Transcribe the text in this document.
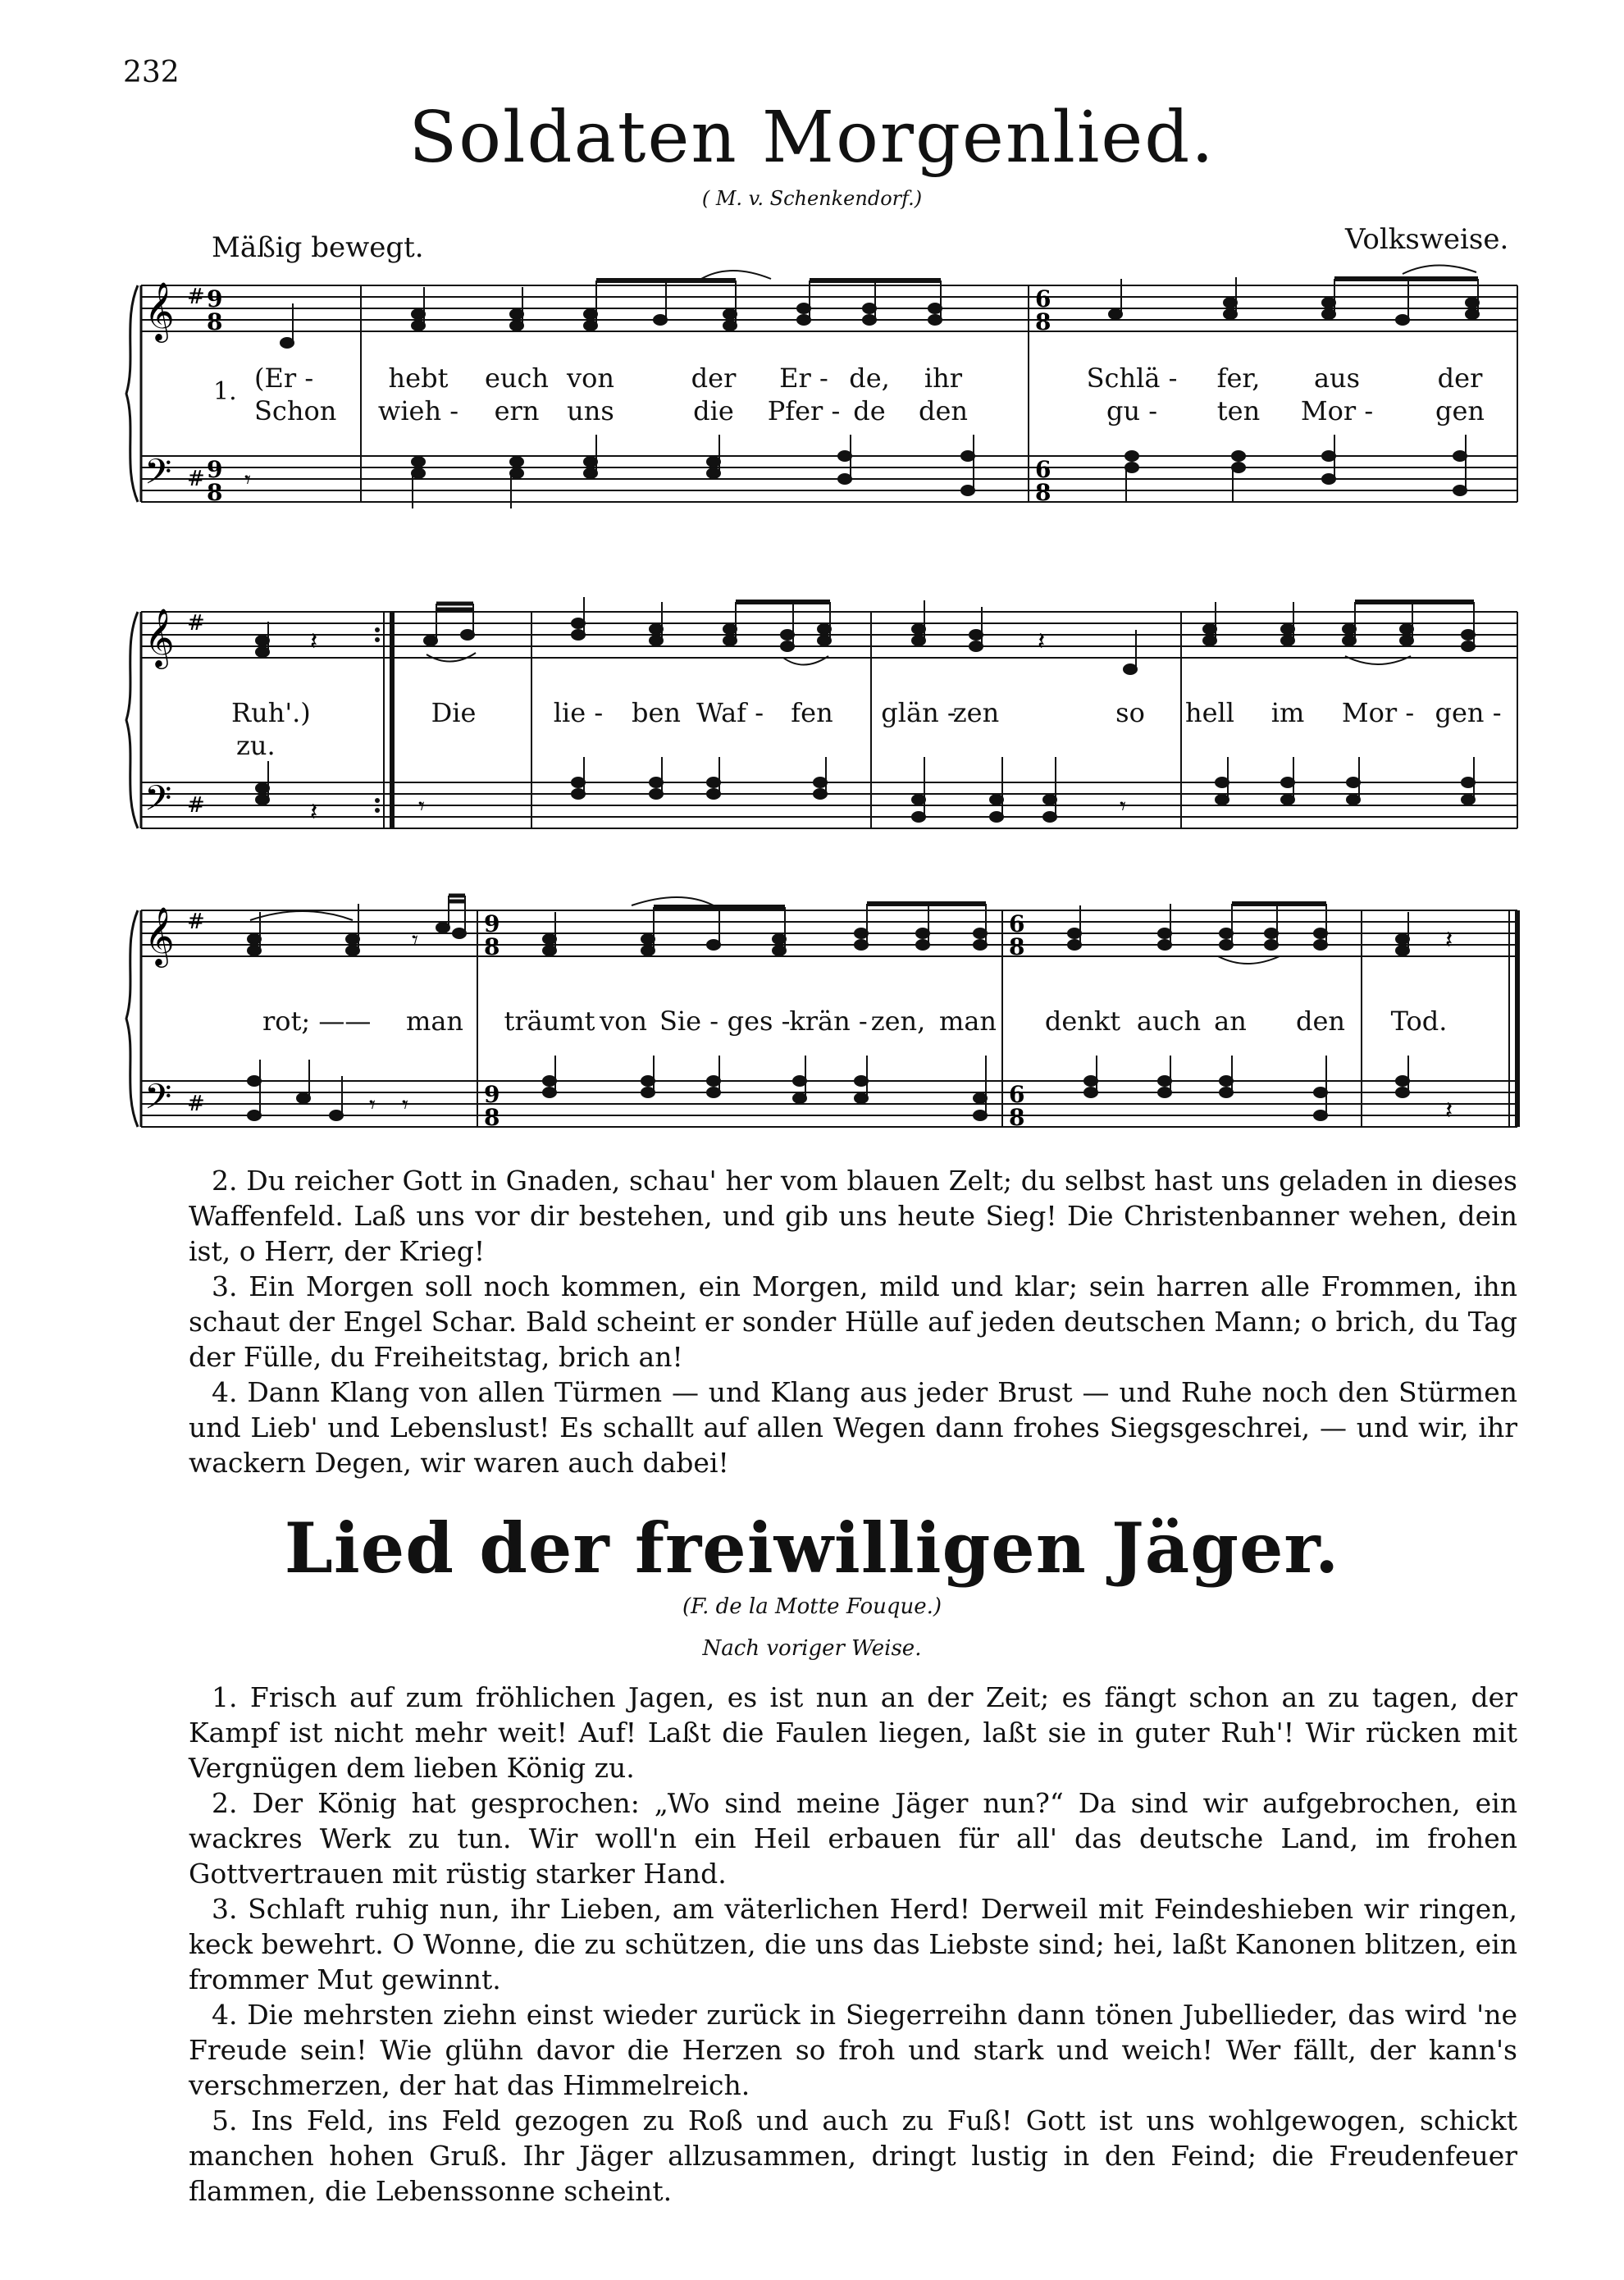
232
Soldaten Morgenlied.
( M. v. Schenkendorf.)
Mäßig bewegt.	Volksweise.
𝄞
𝄢
#
#
9
8
9
8
6
8
6
8
𝄾
1. (Er -	hebt euch von	der Er - de, ihr	Schlä - fer, aus	der
Schon wieh - ern uns	die Pfer - de den	gu - ten Mor - gen
𝄞
𝄢
#
#
𝄽
𝄽	𝄾
𝄽
𝄾
Ruh'.)
zu.
Die	lie - ben Waf - fen glän -
zen	so hell im Mor - gen -
𝄞
𝄢
#
#
9
8
9
8
6
8
6
8
𝄾	𝄽
𝄽
𝄾 𝄾
rot; —— man träumt von Sie - ges -
krän - zen, man denkt auch an den Tod.

2. Du reicher Gott in Gnaden, schau' her vom blauen Zelt; du selbst hast uns geladen in dieses Waffenfeld. Laß uns vor dir bestehen, und gib uns heute Sieg! Die Christenbanner wehen, dein ist, o Herr, der Krieg!

3. Ein Morgen soll noch kommen, ein Morgen, mild und klar; sein harren alle Frommen, ihn schaut der Engel Schar. Bald scheint er sonder Hülle auf jeden deutschen Mann; o brich, du Tag der Fülle, du Freiheitstag, brich an!

4. Dann Klang von allen Türmen — und Klang aus jeder Brust — und Ruhe noch den Stürmen und Lieb' und Lebenslust! Es schallt auf allen Wegen dann frohes Siegsgeschrei, — und wir, ihr wackern Degen, wir waren auch dabei!

Lied der freiwilligen Jäger.
(F. de la Motte Fouque.)
Nach voriger Weise.

1. Frisch auf zum fröhlichen Jagen, es ist nun an der Zeit; es fängt schon an zu tagen, der Kampf ist nicht mehr weit! Auf! Laßt die Faulen liegen, laßt sie in guter Ruh'! Wir rücken mit Vergnügen dem lieben König zu.

2. Der König hat gesprochen: „Wo sind meine Jäger nun?“ Da sind wir aufgebrochen, ein wackres Werk zu tun. Wir woll'n ein Heil erbauen für all' das deutsche Land, im frohen Gottvertrauen mit rüstig starker Hand.

3. Schlaft ruhig nun, ihr Lieben, am väterlichen Herd! Derweil mit Feindeshieben wir ringen, keck bewehrt. O Wonne, die zu schützen, die uns das Liebste sind; hei, laßt Kanonen blitzen, ein frommer Mut gewinnt.

4. Die mehrsten ziehn einst wieder zurück in Siegerreihn dann tönen Jubellieder, das wird 'ne Freude sein! Wie glühn davor die Herzen so froh und stark und weich! Wer fällt, der kann's verschmerzen, der hat das Himmelreich.

5. Ins Feld, ins Feld gezogen zu Roß und auch zu Fuß! Gott ist uns wohlgewogen, schickt manchen hohen Gruß. Ihr Jäger allzusammen, dringt lustig in den Feind; die Freudenfeuer flammen, die Lebenssonne scheint.
